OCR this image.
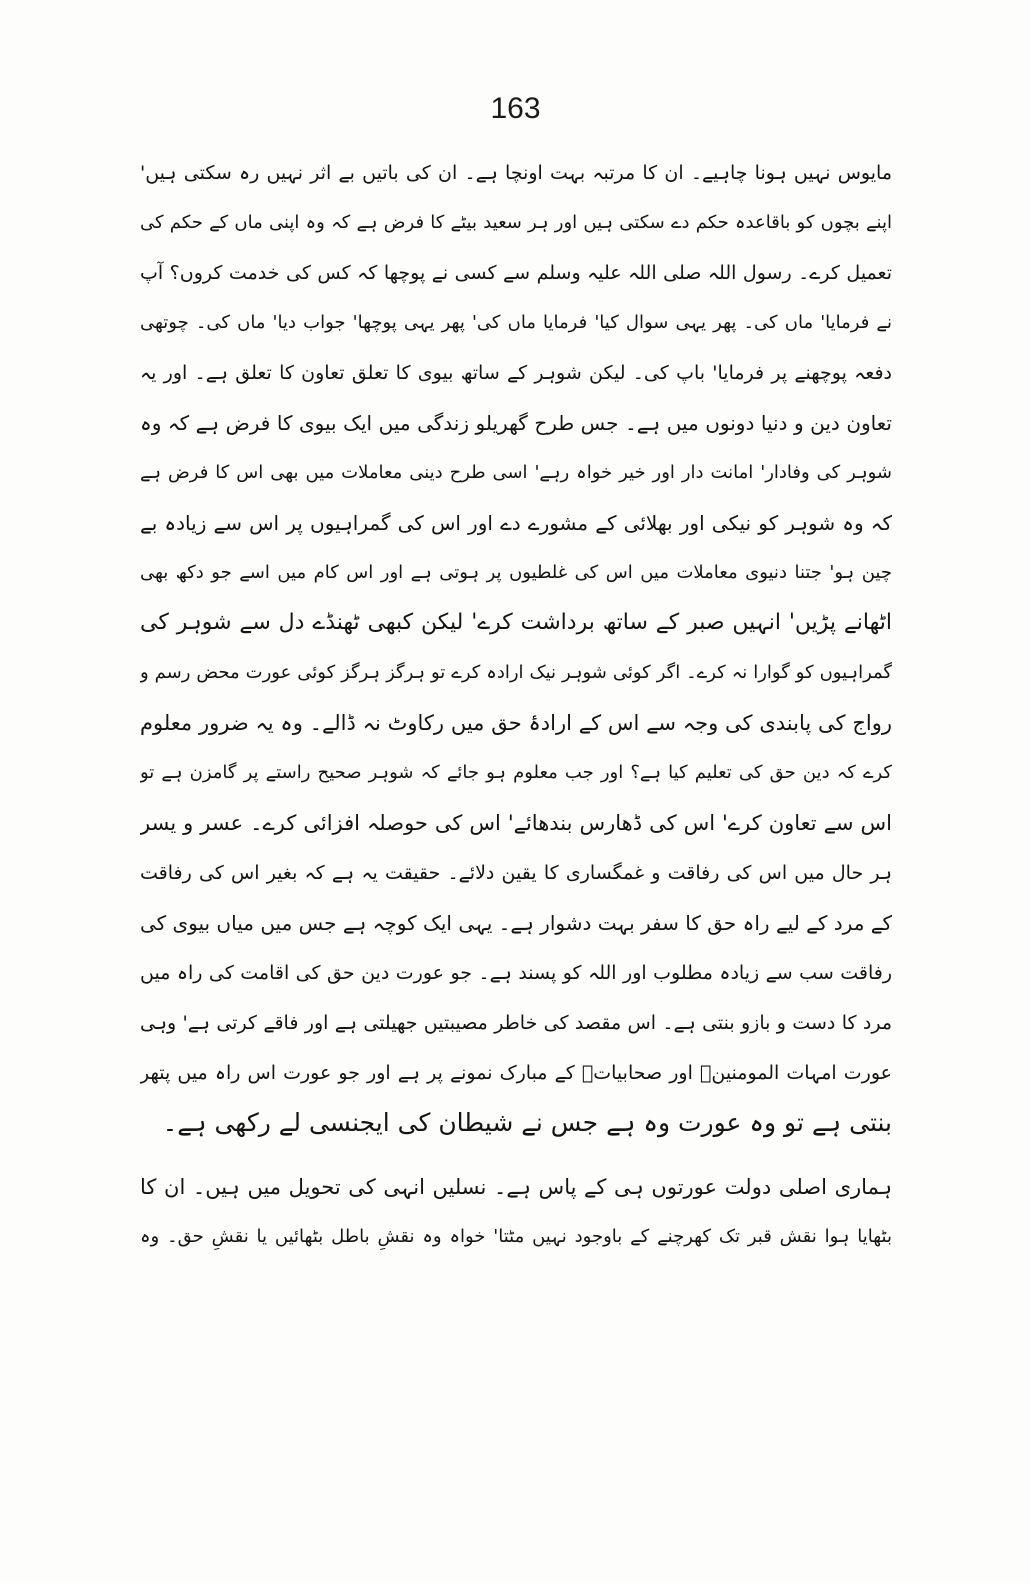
163
مایوس نہیں ہونا چاہیے۔ ان کا مرتبہ بہت اونچا ہے۔ ان کی باتیں بے اثر نہیں رہ سکتی ہیں'
اپنے بچوں کو باقاعدہ حکم دے سکتی ہیں اور ہر سعید بیٹے کا فرض ہے کہ وہ اپنی ماں کے حکم کی
تعمیل کرے۔ رسول اللہ صلی اللہ علیہ وسلم سے کسی نے پوچھا کہ کس کی خدمت کروں؟ آپ
نے فرمایا' ماں کی۔ پھر یہی سوال کیا' فرمایا ماں کی' پھر یہی پوچھا' جواب دیا' ماں کی۔ چوتھی
دفعہ پوچھنے پر فرمایا' باپ کی۔ لیکن شوہر کے ساتھ بیوی کا تعلق تعاون کا تعلق ہے۔ اور یہ
تعاون دین و دنیا دونوں میں ہے۔ جس طرح گھریلو زندگی میں ایک بیوی کا فرض ہے کہ وہ
شوہر کی وفادار' امانت دار اور خیر خواہ رہے' اسی طرح دینی معاملات میں بھی اس کا فرض ہے
کہ وہ شوہر کو نیکی اور بھلائی کے مشورے دے اور اس کی گمراہیوں پر اس سے زیادہ بے
چین ہو' جتنا دنیوی معاملات میں اس کی غلطیوں پر ہوتی ہے اور اس کام میں اسے جو دکھ بھی
اٹھانے پڑیں' انہیں صبر کے ساتھ برداشت کرے' لیکن کبھی ٹھنڈے دل سے شوہر کی
گمراہیوں کو گوارا نہ کرے۔ اگر کوئی شوہر نیک ارادہ کرے تو ہرگز ہرگز کوئی عورت محض رسم و
رواج کی پابندی کی وجہ سے اس کے ارادۂ حق میں رکاوٹ نہ ڈالے۔ وہ یہ ضرور معلوم
کرے کہ دین حق کی تعلیم کیا ہے؟ اور جب معلوم ہو جائے کہ شوہر صحیح راستے پر گامزن ہے تو
اس سے تعاون کرے' اس کی ڈھارس بندھائے' اس کی حوصلہ افزائی کرے۔ عسر و یسر
ہر حال میں اس کی رفاقت و غمگساری کا یقین دلائے۔ حقیقت یہ ہے کہ بغیر اس کی رفاقت
کے مرد کے لیے راہ حق کا سفر بہت دشوار ہے۔ یہی ایک کوچہ ہے جس میں میاں بیوی کی
رفاقت سب سے زیادہ مطلوب اور اللہ کو پسند ہے۔ جو عورت دین حق کی اقامت کی راہ میں
مرد کا دست و بازو بنتی ہے۔ اس مقصد کی خاطر مصیبتیں جھیلتی ہے اور فاقے کرتی ہے' وہی
عورت امہات المومنینؓ اور صحابیاتؓ کے مبارک نمونے پر ہے اور جو عورت اس راہ میں پتھر
بنتی ہے تو وہ عورت وہ ہے جس نے شیطان کی ایجنسی لے رکھی ہے۔
ہماری اصلی دولت عورتوں ہی کے پاس ہے۔ نسلیں انہی کی تحویل میں ہیں۔ ان کا
بٹھایا ہوا نقش قبر تک کھرچنے کے باوجود نہیں مٹتا' خواہ وہ نقشِ باطل بٹھائیں یا نقشِ حق۔ وہ
